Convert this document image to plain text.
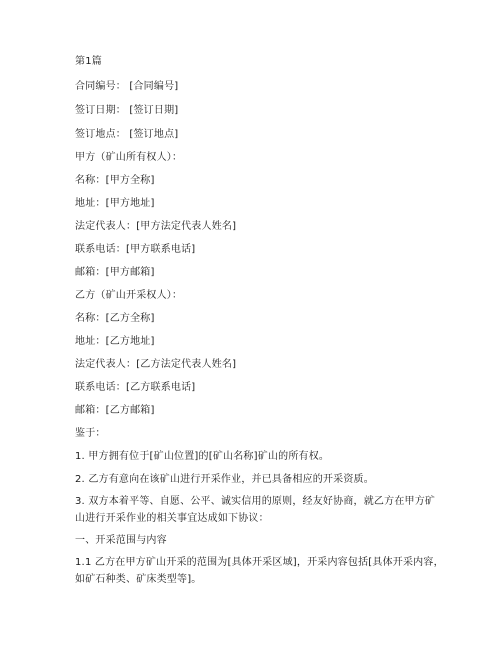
第1篇
合同编号： [合同编号]
签订日期： [签订日期]
签订地点： [签订地点]
甲方（矿山所有权人）：
名称：[甲方全称]
地址：[甲方地址]
法定代表人：[甲方法定代表人姓名]
联系电话：[甲方联系电话]
邮箱：[甲方邮箱]
乙方（矿山开采权人）：
名称：[乙方全称]
地址：[乙方地址]
法定代表人：[乙方法定代表人姓名]
联系电话：[乙方联系电话]
邮箱：[乙方邮箱]
鉴于：
1. 甲方拥有位于[矿山位置]的[矿山名称]矿山的所有权。
2. 乙方有意向在该矿山进行开采作业，并已具备相应的开采资质。
3. 双方本着平等、自愿、公平、诚实信用的原则，经友好协商，就乙方在甲方矿山进行开采作业的相关事宜达成如下协议：
一、开采范围与内容
1.1 乙方在甲方矿山开采的范围为[具体开采区域]，开采内容包括[具体开采内容，如矿石种类、矿床类型等]。
